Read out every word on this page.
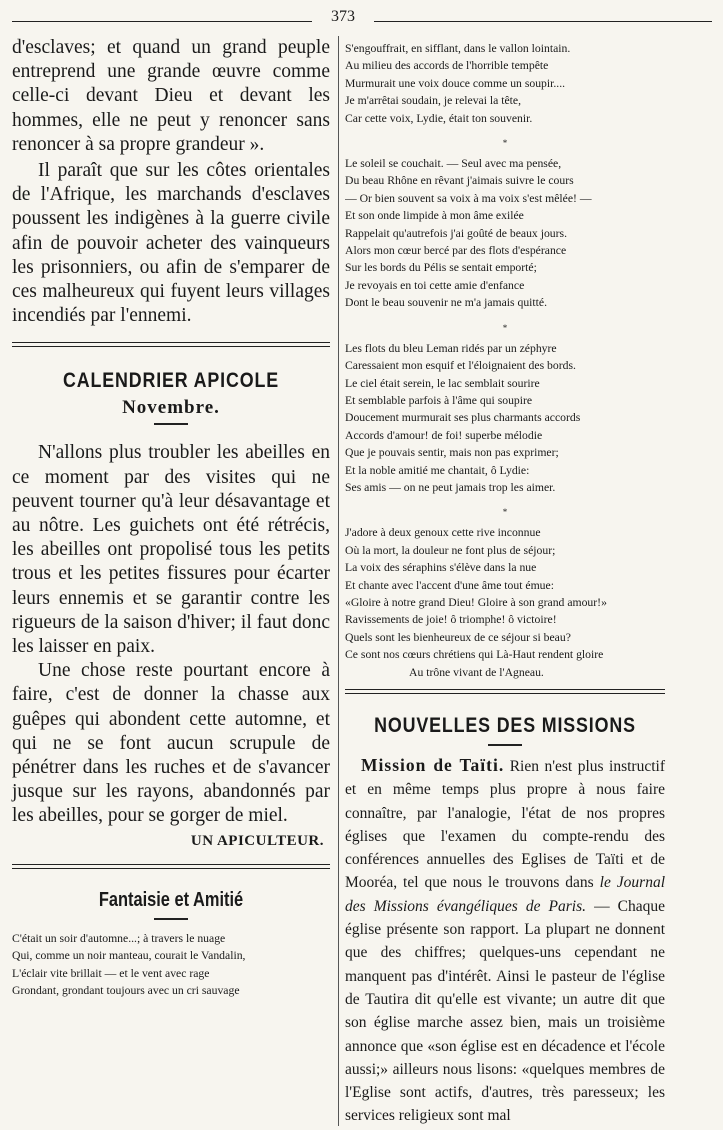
373

d'esclaves; et quand un grand peuple entreprend une grande œuvre comme celle-ci devant Dieu et devant les hommes, elle ne peut y renoncer sans renoncer à sa propre grandeur ».

Il paraît que sur les côtes orientales de l'Afrique, les marchands d'esclaves poussent les indigènes à la guerre civile afin de pouvoir acheter des vainqueurs les prisonniers, ou afin de s'emparer de ces malheureux qui fuyent leurs villages incendiés par l'ennemi.

CALENDRIER APICOLE
Novembre.

N'allons plus troubler les abeilles en ce moment par des visites qui ne peuvent tourner qu'à leur désavantage et au nôtre. Les guichets ont été rétrécis, les abeilles ont propolisé tous les petits trous et les petites fissures pour écarter leurs ennemis et se garantir contre les rigueurs de la saison d'hiver; il faut donc les laisser en paix.

Une chose reste pourtant encore à faire, c'est de donner la chasse aux guêpes qui abondent cette automne, et qui ne se font aucun scrupule de pénétrer dans les ruches et de s'avancer jusque sur les rayons, abandonnés par les abeilles, pour se gorger de miel.

UN APICULTEUR.
Fantaisie et Amitié
C'était un soir d'automne...; à travers le nuage
Qui, comme un noir manteau, courait le Vandalin,
L'éclair vite brillait — et le vent avec rage
Grondant, grondant toujours avec un cri sauvage
S'engouffrait, en sifflant, dans le vallon lointain.
Au milieu des accords de l'horrible tempête
Murmurait une voix douce comme un soupir....
Je m'arrêtai soudain, je relevai la tête,
Car cette voix, Lydie, était ton souvenir.
*
Le soleil se couchait. — Seul avec ma pensée,
Du beau Rhône en rêvant j'aimais suivre le cours
— Or bien souvent sa voix à ma voix s'est mêlée! —
Et son onde limpide à mon âme exilée
Rappelait qu'autrefois j'ai goûté de beaux jours.
Alors mon cœur bercé par des flots d'espérance
Sur les bords du Pélis se sentait emporté;
Je revoyais en toi cette amie d'enfance
Dont le beau souvenir ne m'a jamais quitté.
*
Les flots du bleu Leman ridés par un zéphyre
Caressaient mon esquif et l'éloignaient des bords.
Le ciel était serein, le lac semblait sourire
Et semblable parfois à l'âme qui soupire
Doucement murmurait ses plus charmants accords
Accords d'amour! de foi! superbe mélodie
Que je pouvais sentir, mais non pas exprimer;
Et la noble amitié me chantait, ô Lydie:
Ses amis — on ne peut jamais trop les aimer.
*
J'adore à deux genoux cette rive inconnue
Où la mort, la douleur ne font plus de séjour;
La voix des séraphins s'élève dans la nue
Et chante avec l'accent d'une âme tout émue:
«Gloire à notre grand Dieu! Gloire à son grand amour!»
Ravissements de joie! ô triomphe! ô victoire!
Quels sont les bienheureux de ce séjour si beau?
Ce sont nos cœurs chrétiens qui Là-Haut rendent gloire
Au trône vivant de l'Agneau.
NOUVELLES DES MISSIONS

Mission de Taïti. Rien n'est plus instructif et en même temps plus propre à nous faire connaître, par l'analogie, l'état de nos propres églises que l'examen du compte-rendu des conférences annuelles des Eglises de Taïti et de Mooréa, tel que nous le trouvons dans le Journal des Missions évangéliques de Paris. — Chaque église présente son rapport. La plupart ne donnent que des chiffres; quelques-uns cependant ne manquent pas d'intérêt. Ainsi le pasteur de l'église de Tautira dit qu'elle est vivante; un autre dit que son église marche assez bien, mais un troisième annonce que «son église est en décadence et l'école aussi;» ailleurs nous lisons: «quelques membres de l'Eglise sont actifs, d'autres, très paresseux; les services religieux sont mal
